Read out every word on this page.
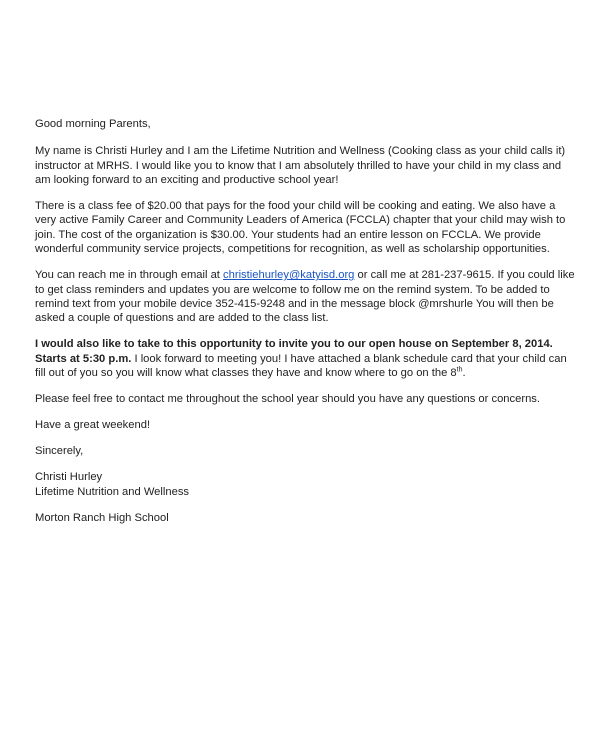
Good morning Parents,

My name is Christi Hurley and I am the Lifetime Nutrition and Wellness (Cooking class as your child calls it) instructor at MRHS. I would like you to know that I am absolutely thrilled to have your child in my class and am looking forward to an exciting and productive school year!

There is a class fee of $20.00 that pays for the food your child will be cooking and eating. We also have a very active Family Career and Community Leaders of America (FCCLA) chapter that your child may wish to join. The cost of the organization is $30.00. Your students had an entire lesson on FCCLA. We provide wonderful community service projects, competitions for recognition, as well as scholarship opportunities.

You can reach me in through email at christiehurley@katyisd.org or call me at 281-237-9615. If you could like to get class reminders and updates you are welcome to follow me on the remind system. To be added to remind text from your mobile device 352-415-9248 and in the message block @mrshurle You will then be asked a couple of questions and are added to the class list.

I would also like to take to this opportunity to invite you to our open house on September 8, 2014. Starts at 5:30 p.m. I look forward to meeting you! I have attached a blank schedule card that your child can fill out of you so you will know what classes they have and know where to go on the 8th.

Please feel free to contact me throughout the school year should you have any questions or concerns.

Have a great weekend!

Sincerely,

Christi Hurley

Lifetime Nutrition and Wellness

Morton Ranch High School
